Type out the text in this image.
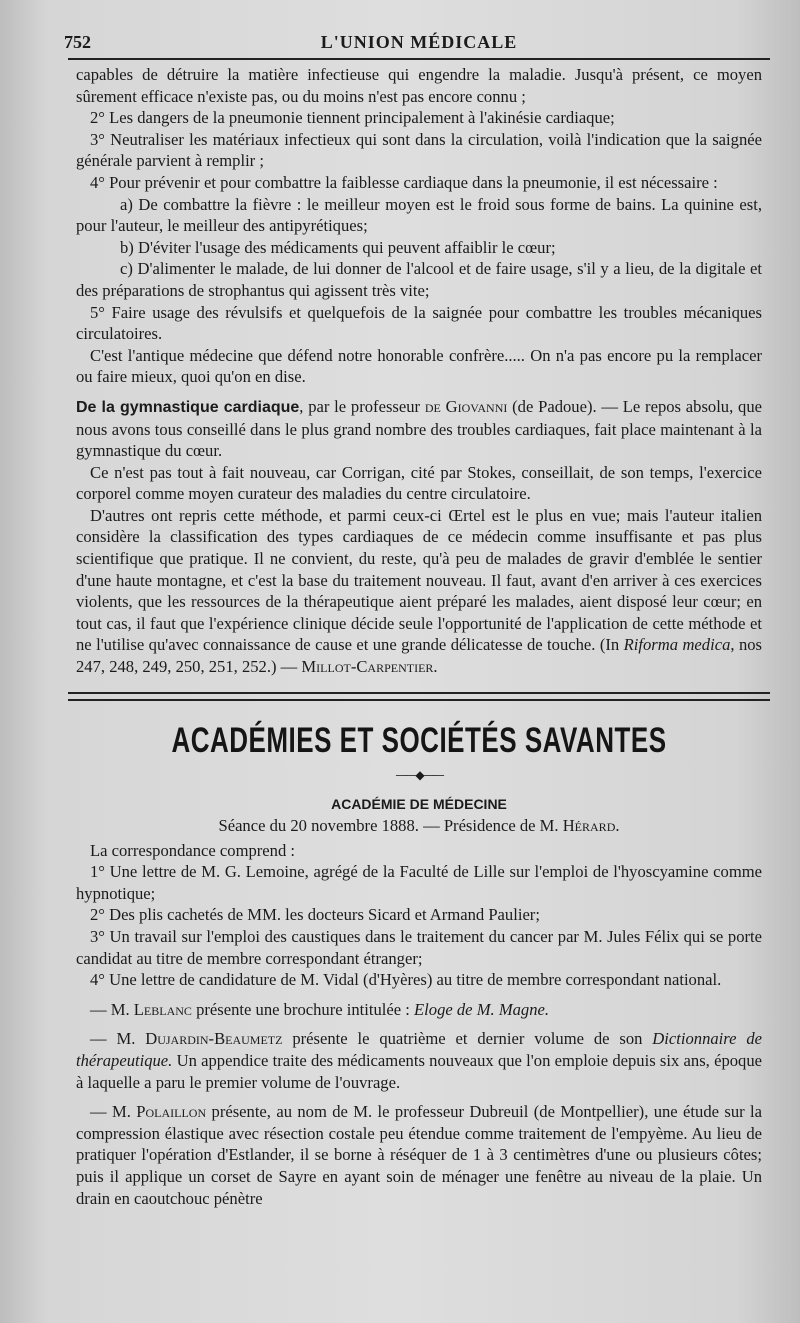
752	L'UNION MÉDICALE

capables de détruire la matière infectieuse qui engendre la maladie. Jusqu'à présent, ce moyen sûrement efficace n'existe pas, ou du moins n'est pas encore connu ;

2° Les dangers de la pneumonie tiennent principalement à l'akinésie cardiaque;

3° Neutraliser les matériaux infectieux qui sont dans la circulation, voilà l'indication que la saignée générale parvient à remplir ;

4° Pour prévenir et pour combattre la faiblesse cardiaque dans la pneumonie, il est nécessaire :

a) De combattre la fièvre : le meilleur moyen est le froid sous forme de bains. La quinine est, pour l'auteur, le meilleur des antipyrétiques;

b) D'éviter l'usage des médicaments qui peuvent affaiblir le cœur;

c) D'alimenter le malade, de lui donner de l'alcool et de faire usage, s'il y a lieu, de la digitale et des préparations de strophantus qui agissent très vite;

5° Faire usage des révulsifs et quelquefois de la saignée pour combattre les troubles mécaniques circulatoires.

C'est l'antique médecine que défend notre honorable confrère..... On n'a pas encore pu la remplacer ou faire mieux, quoi qu'on en dise.

De la gymnastique cardiaque, par le professeur de Giovanni (de Padoue). — Le repos absolu, que nous avons tous conseillé dans le plus grand nombre des troubles cardiaques, fait place maintenant à la gymnastique du cœur.

Ce n'est pas tout à fait nouveau, car Corrigan, cité par Stokes, conseillait, de son temps, l'exercice corporel comme moyen curateur des maladies du centre circulatoire.

D'autres ont repris cette méthode, et parmi ceux-ci Œrtel est le plus en vue; mais l'auteur italien considère la classification des types cardiaques de ce médecin comme insuffisante et pas plus scientifique que pratique. Il ne convient, du reste, qu'à peu de malades de gravir d'emblée le sentier d'une haute montagne, et c'est la base du traitement nouveau. Il faut, avant d'en arriver à ces exercices violents, que les ressources de la thérapeutique aient préparé les malades, aient disposé leur cœur; en tout cas, il faut que l'expérience clinique décide seule l'opportunité de l'application de cette méthode et ne l'utilise qu'avec connaissance de cause et une grande délicatesse de touche. (In Riforma medica, nos 247, 248, 249, 250, 251, 252.) — Millot-Carpentier.

ACADÉMIES ET SOCIÉTÉS SAVANTES
——◆——
ACADÉMIE DE MÉDECINE
Séance du 20 novembre 1888. — Présidence de M. Hérard.

La correspondance comprend :

1° Une lettre de M. G. Lemoine, agrégé de la Faculté de Lille sur l'emploi de l'hyoscyamine comme hypnotique;

2° Des plis cachetés de MM. les docteurs Sicard et Armand Paulier;

3° Un travail sur l'emploi des caustiques dans le traitement du cancer par M. Jules Félix qui se porte candidat au titre de membre correspondant étranger;

4° Une lettre de candidature de M. Vidal (d'Hyères) au titre de membre correspondant national.

— M. Leblanc présente une brochure intitulée : Eloge de M. Magne.

— M. Dujardin-Beaumetz présente le quatrième et dernier volume de son Dictionnaire de thérapeutique. Un appendice traite des médicaments nouveaux que l'on emploie depuis six ans, époque à laquelle a paru le premier volume de l'ouvrage.

— M. Polaillon présente, au nom de M. le professeur Dubreuil (de Montpellier), une étude sur la compression élastique avec résection costale peu étendue comme traitement de l'empyème. Au lieu de pratiquer l'opération d'Estlander, il se borne à réséquer de 1 à 3 centimètres d'une ou plusieurs côtes; puis il applique un corset de Sayre en ayant soin de ménager une fenêtre au niveau de la plaie. Un drain en caoutchouc pénètre
